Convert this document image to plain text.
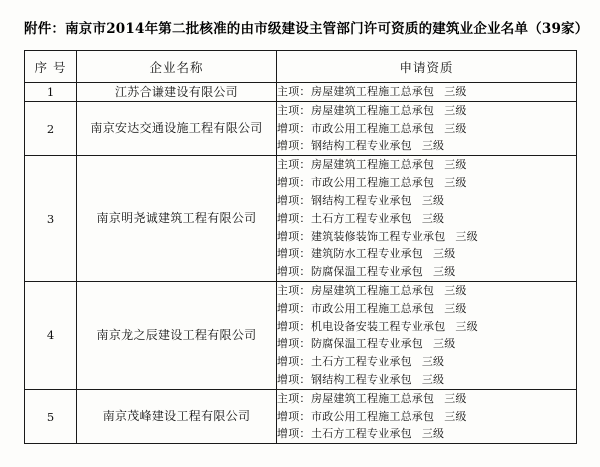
附件：南京市2014年第二批核准的由市级建设主管部门许可资质的建筑业企业名单（39家）
序 号	企业名称	申请资质
1	江苏合谦建设有限公司	主项：房屋建筑工程施工总承包 三级

2	南京安达交通设施工程有限公司	主项：房屋建筑工程施工总承包 三级
增项：市政公用工程施工总承包 三级
增项：钢结构工程专业承包 三级

3	南京明尧诚建筑工程有限公司	
主项：房屋建筑工程施工总承包 三级
增项：市政公用工程施工总承包 三级
增项：钢结构工程专业承包 三级
增项：土石方工程专业承包 三级
增项：建筑装修装饰工程专业承包 三级
增项：建筑防水工程专业承包 三级
增项：防腐保温工程专业承包 三级

4	南京龙之辰建设工程有限公司	
主项：房屋建筑工程施工总承包 三级
增项：市政公用工程施工总承包 三级
增项：机电设备安装工程专业承包 三级
增项：防腐保温工程专业承包 三级
增项：土石方工程专业承包 三级
增项：钢结构工程专业承包 三级

5	南京茂峰建设工程有限公司	主项：房屋建筑工程施工总承包 三级
增项：市政公用工程施工总承包 三级
增项：土石方工程专业承包 三级
